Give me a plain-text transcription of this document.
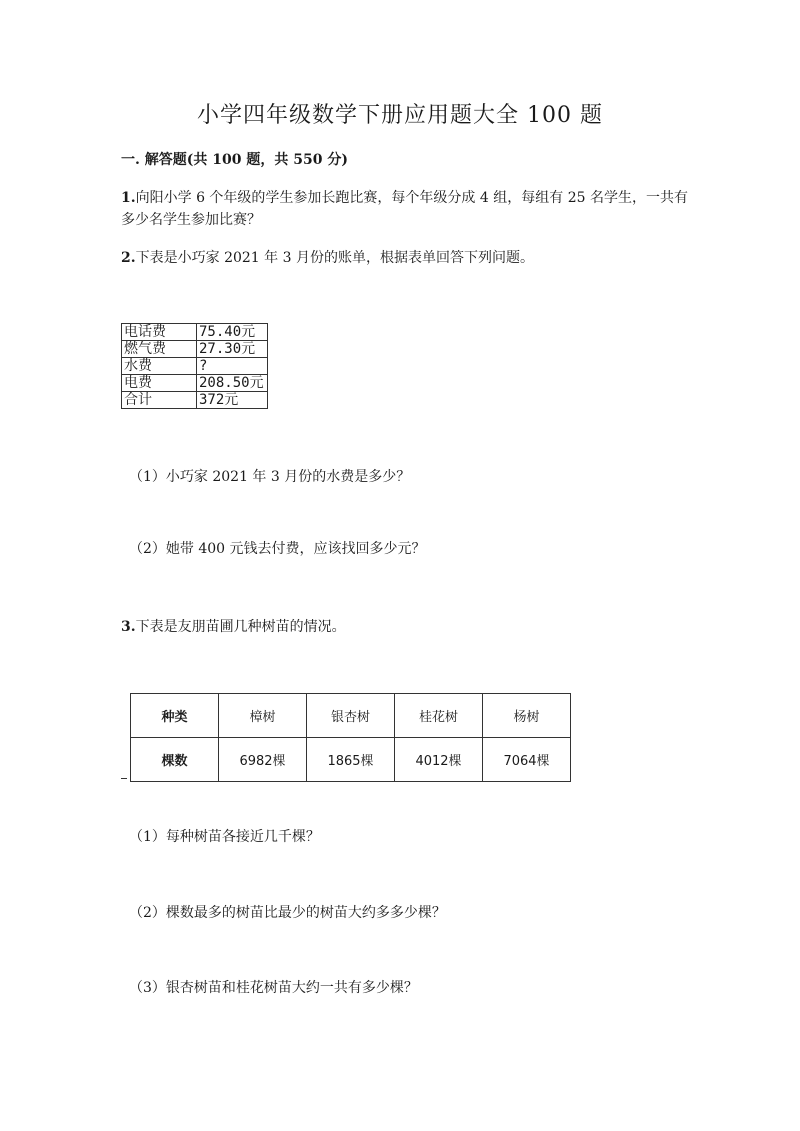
小学四年级数学下册应用题大全 100 题
一. 解答题(共 100 题，共 550 分)
1.向阳小学 6 个年级的学生参加长跑比赛，每个年级分成 4 组，每组有 25 名学生，一共有多少名学生参加比赛？
2.下表是小巧家 2021 年 3 月份的账单，根据表单回答下列问题。
电话费	75.40元
燃气费	27.30元
水费	?
电费	208.50元
合计	372元
（1）小巧家 2021 年 3 月份的水费是多少？
（2）她带 400 元钱去付费，应该找回多少元？
3.下表是友朋苗圃几种树苗的情况。
种类	樟树	银杏树	桂花树	杨树
棵数	6982棵	1865棵	4012棵	7064棵
（1）每种树苗各接近几千棵？
（2）棵数最多的树苗比最少的树苗大约多多少棵？
（3）银杏树苗和桂花树苗大约一共有多少棵？
